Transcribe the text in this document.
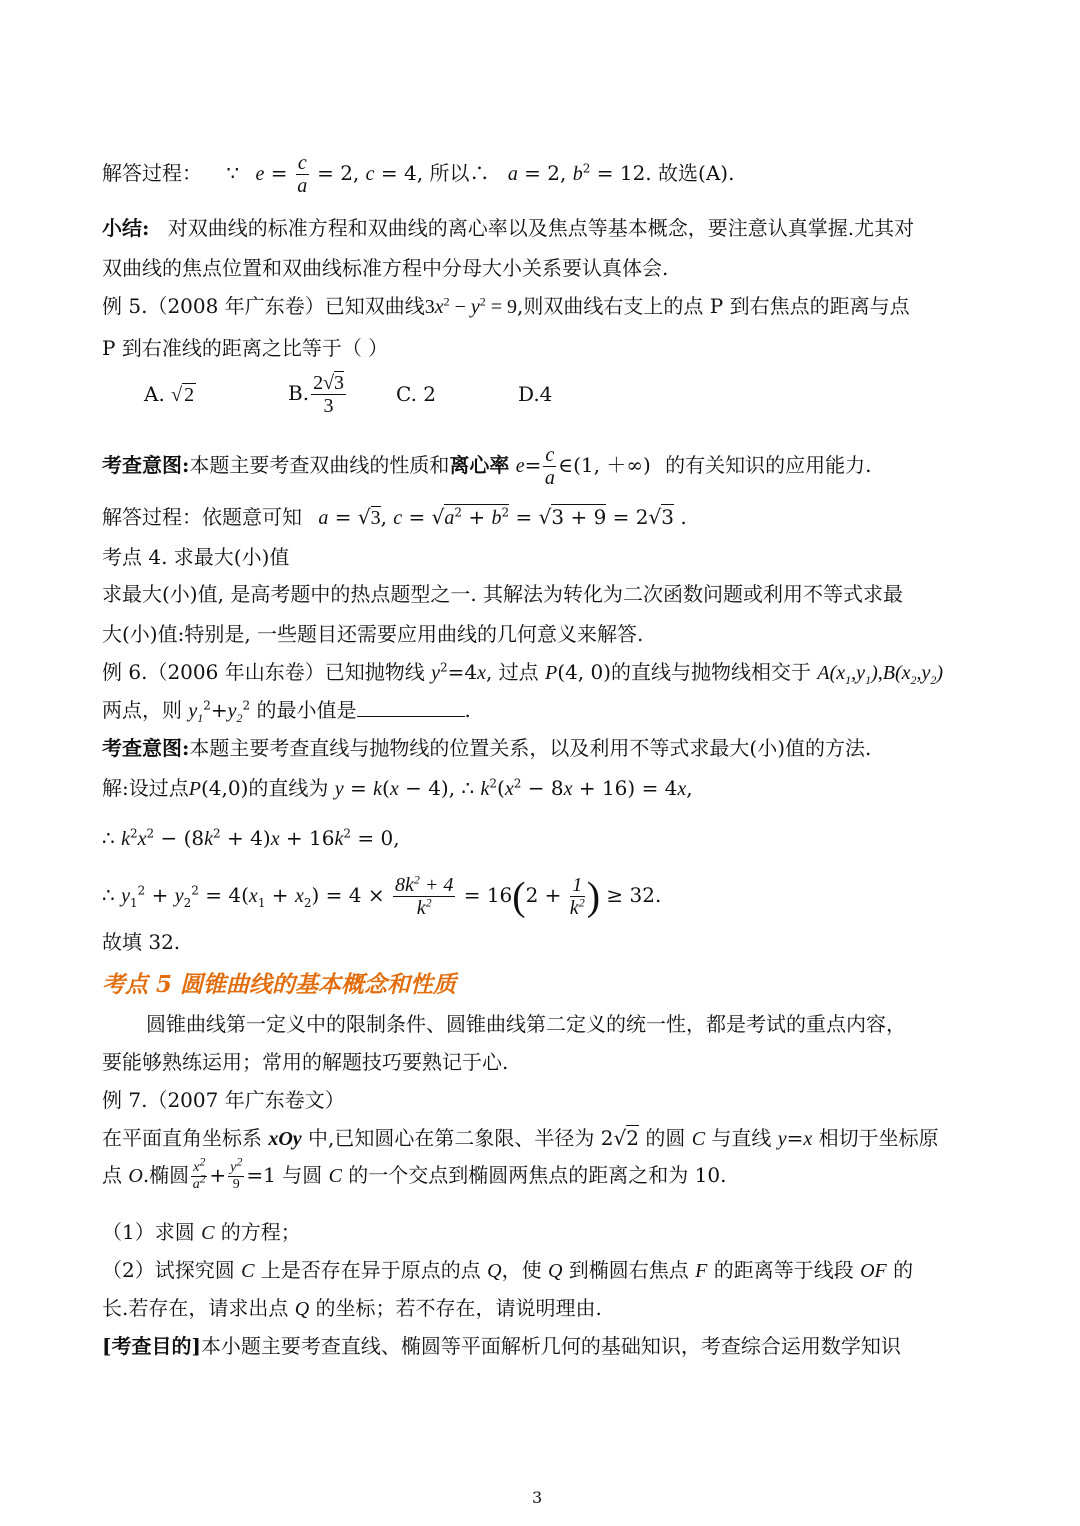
解答过程： ∵ $e = \frac{c}{a} = 2$, c = 4, 所以∴ a = 2, $b^2 = 12$. 故选(A).
小结: 对双曲线的标准方程和双曲线的离心率以及焦点等基本概念，要注意认真掌握.尤其对
双曲线的焦点位置和双曲线标准方程中分母大小关系要认真体会.
例 5.（2008 年广东卷）已知双曲线$3x^2 - y^2 = 9$,则双曲线右支上的点 P 到右焦点的距离与点
P 到右准线的距离之比等于（ ）
A. √ 2	B. $\frac{2√3}{3} C$. 2	D.4
考查意图:本题主要考查双曲线的性质和离心率 $e= \frac{c}{a}$ ∈(1, ＋∞) 的有关知识的应用能力.
解答过程：依题意可知 a = √3, $c = √a^2 + b^2 = √3 + 9 = 2√3$ .
考点 4. 求最大(小)值
求最大(小)值, 是高考题中的热点题型之一. 其解法为转化为二次函数问题或利用不等式求最
大(小)值:特别是, 一些题目还需要应用曲线的几何意义来解答.
例 6.（2006 年山东卷）已知抛物线 $y^2=4x$, 过点 P(4, 0)的直线与抛物线相交于 $A(x_1,y_1),B(x_2,y_2)$
两点，则 $y_1^2+y_2^2$ 的最小值是	.
考查意图:本题主要考查直线与抛物线的位置关系，以及利用不等式求最大(小)值的方法.
解:设过点P(4,0)的直线为 y = k(x − 4), ∴ $k^2(x^2 - 8x + 16) = 4x$,
∴ $k^2x^2 - (8k^2 + 4)x + 16k^2 = 0$,
∴ $y_1^2 + y_2^2 = 4(x_1 + x_2) = 4 \times \frac{8k^2 + 4}{k^2} = 16(2 + \frac{1}{k^2}$ ) ≥ 32.
故填 32.
考点 5 圆锥曲线的基本概念和性质
圆锥曲线第一定义中的限制条件、圆锥曲线第二定义的统一性，都是考试的重点内容，
要能够熟练运用；常用的解题技巧要熟记于心.
例 7.（2007 年广东卷文）
在平面直角坐标系 xOy 中,已知圆心在第二象限、半径为 2√2 的圆 C 与直线 y=x 相切于坐标原
点 O.椭圆 $\frac{x^2}{a^2} + \frac{y^2}{9} =1$ 与圆 C 的一个交点到椭圆两焦点的距离之和为 10.
（1）求圆 C 的方程；
（2）试探究圆 C 上是否存在异于原点的点 Q，使 Q 到椭圆右焦点 F 的距离等于线段 OF 的
长.若存在，请求出点 Q 的坐标；若不存在，请说明理由.
[考查目的]本小题主要考查直线、椭圆等平面解析几何的基础知识，考查综合运用数学知识
3
